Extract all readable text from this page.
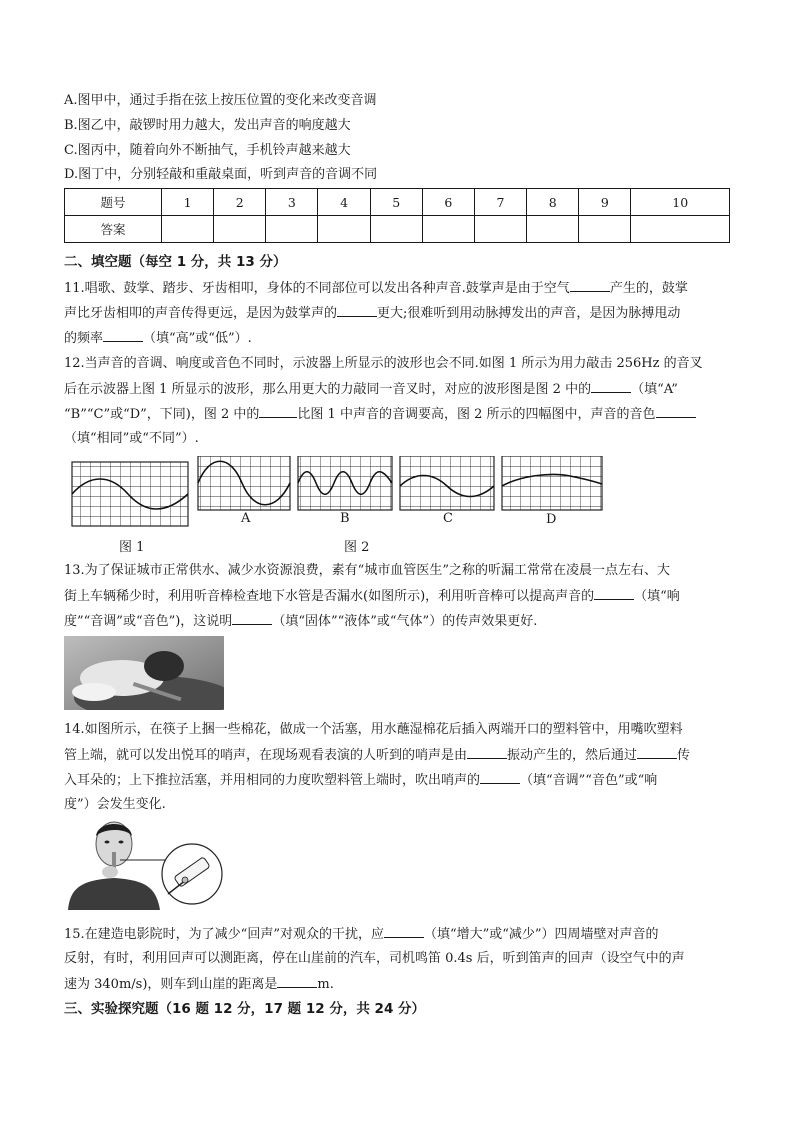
A.图甲中，通过手指在弦上按压位置的变化来改变音调
B.图乙中，敲锣时用力越大，发出声音的响度越大
C.图丙中，随着向外不断抽气，手机铃声越来越大
D.图丁中，分别轻敲和重敲桌面，听到声音的音调不同
题号	1	2	3	4	5	6	7	8	9	10
答案										
二、填空题（每空 1 分，共 13 分）
11.唱歌、鼓掌、踏步、牙齿相叩，身体的不同部位可以发出各种声音.鼓掌声是由于空气	产生的，鼓掌
声比牙齿相叩的声音传得更远，是因为鼓掌声的	更大;很难听到用动脉搏发出的声音，是因为脉搏甩动
的频率	（填“高”或“低”）.
12.当声音的音调、响度或音色不同时，示波器上所显示的波形也会不同.如图 1 所示为用力敲击 256Hz 的音叉
后在示波器上图 1 所显示的波形，那么用更大的力敲同一音叉时，对应的波形图是图 2 中的	（填“A”
“B”“C”或“D”，下同)，图 2 中的	比图 1 中声音的音调要高，图 2 所示的四幅图中，声音的音色
（填“相同”或“不同”）.
A	B	C	D
图 1	图 2
13.为了保证城市正常供水、减少水资源浪费，素有“城市血管医生”之称的听漏工常常在凌晨一点左右、大
街上车辆稀少时，利用听音棒检查地下水管是否漏水(如图所示)，利用听音棒可以提高声音的	（填“响
度”“音调”或“音色”)，这说明	（填“固体”“液体”或“气体”）的传声效果更好.
14.如图所示，在筷子上捆一些棉花，做成一个活塞，用水蘸湿棉花后插入两端开口的塑料管中，用嘴吹塑料
管上端，就可以发出悦耳的哨声，在现场观看表演的人听到的哨声是由	振动产生的，然后通过	传
入耳朵的；上下推拉活塞，并用相同的力度吹塑料管上端时，吹出哨声的	（填“音调”“音色”或“响
度”）会发生变化.
15.在建造电影院时，为了减少“回声”对观众的干扰，应	（填“增大”或“减少”）四周墙壁对声音的
反射，有时，利用回声可以测距离，停在山崖前的汽车，司机鸣笛 0.4s 后，听到笛声的回声（设空气中的声
速为 340m/s)，则车到山崖的距离是	m.
三、实验探究题（16 题 12 分，17 题 12 分，共 24 分）
